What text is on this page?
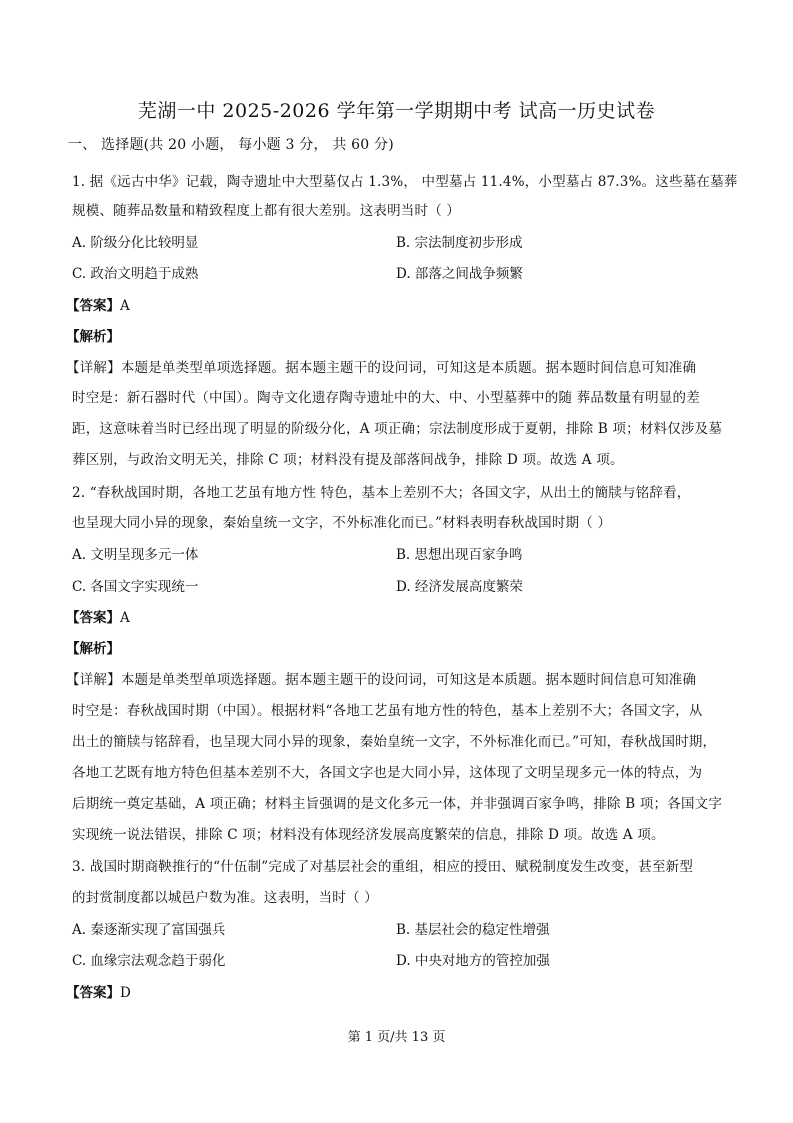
芜湖一中 2025-2026 学年第一学期期中考 试高一历史试卷
一、 选择题(共 20 小题， 每小题 3 分， 共 60 分)
1. 据《远古中华》记载，陶寺遗址中大型墓仅占 1.3%， 中型墓占 11.4%，小型墓占 87.3%。这些墓在墓葬
规模、随葬品数量和精致程度上都有很大差别。这表明当时（ ）
A. 阶级分化比较明显	B. 宗法制度初步形成
C. 政治文明趋于成熟	D. 部落之间战争频繁
【答案】A
【解析】
【详解】本题是单类型单项选择题。据本题主题干的设问词，可知这是本质题。据本题时间信息可知准确
时空是：新石器时代（中国）。陶寺文化遗存陶寺遗址中的大、中、小型墓葬中的随 葬品数量有明显的差
距，这意味着当时已经出现了明显的阶级分化，A 项正确；宗法制度形成于夏朝，排除 B 项；材料仅涉及墓
葬区别，与政治文明无关，排除 C 项；材料没有提及部落间战争，排除 D 项。故选 A 项。
2. “春秋战国时期，各地工艺虽有地方性 特色，基本上差别不大；各国文字，从出土的簡牍与铭辞看，
也呈现大同小异的现象，秦始皇统一文字，不外标准化而已。”材料表明春秋战国时期（ ）
A. 文明呈现多元一体	B. 思想出现百家争鸣
C. 各国文字实现统一	D. 经济发展高度繁荣
【答案】A
【解析】
【详解】本题是单类型单项选择题。据本题主题干的设问词，可知这是本质题。据本题时间信息可知准确
时空是：春秋战国时期（中国）。根据材料“各地工艺虽有地方性的特色，基本上差别不大；各国文字，从
出土的簡牍与铭辞看，也呈现大同小异的现象，秦始皇统一文字，不外标准化而已。”可知，春秋战国时期，
各地工艺既有地方特色但基本差别不大，各国文字也是大同小异，这体现了文明呈现多元一体的特点，为
后期统一奠定基础，A 项正确；材料主旨强调的是文化多元一体，并非强调百家争鸣，排除 B 项；各国文字
实现统一说法错误，排除 C 项；材料没有体现经济发展高度繁荣的信息，排除 D 项。故选 A 项。
3. 战国时期商鞅推行的“什伍制”完成了对基层社会的重组，相应的授田、赋税制度发生改变，甚至新型
的封赏制度都以城邑户数为准。这表明，当时（ ）
A. 秦逐渐实现了富国强兵	B. 基层社会的稳定性增强
C. 血缘宗法观念趋于弱化	D. 中央对地方的管控加强
【答案】D
第 1 页/共 13 页
